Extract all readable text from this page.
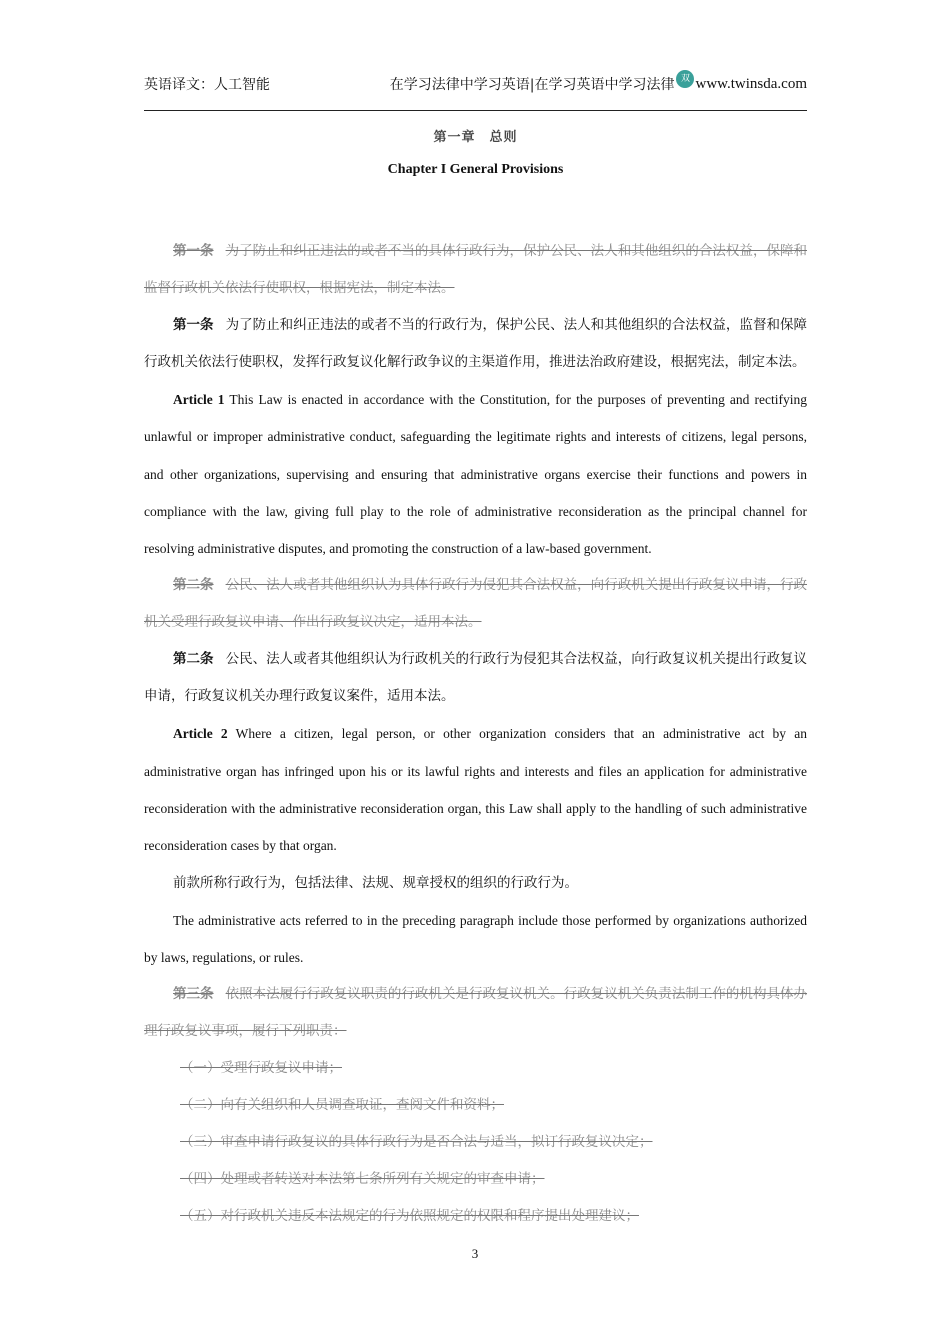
英语译文：人工智能	在学习法律中学习英语|在学习英语中学习法律 双 www.twinsda.com
第一章　总则
Chapter I General Provisions

第一条 为了防止和纠正违法的或者不当的具体行政行为，保护公民、法人和其他组织的合法权益，保障和监督行政机关依法行使职权，根据宪法，制定本法。

第一条 为了防止和纠正违法的或者不当的行政行为，保护公民、法人和其他组织的合法权益，监督和保障行政机关依法行使职权，发挥行政复议化解行政争议的主渠道作用，推进法治政府建设，根据宪法，制定本法。

Article 1 This Law is enacted in accordance with the Constitution, for the purposes of preventing and rectifying unlawful or improper administrative conduct, safeguarding the legitimate rights and interests of citizens, legal persons, and other organizations, supervising and ensuring that administrative organs exercise their functions and powers in compliance with the law, giving full play to the role of administrative reconsideration as the principal channel for resolving administrative disputes, and promoting the construction of a law-based government.

第二条 公民、法人或者其他组织认为具体行政行为侵犯其合法权益，向行政机关提出行政复议申请，行政机关受理行政复议申请、作出行政复议决定，适用本法。

第二条 公民、法人或者其他组织认为行政机关的行政行为侵犯其合法权益，向行政复议机关提出行政复议申请，行政复议机关办理行政复议案件，适用本法。

Article 2 Where a citizen, legal person, or other organization considers that an administrative act by an administrative organ has infringed upon his or its lawful rights and interests and files an application for administrative reconsideration with the administrative reconsideration organ, this Law shall apply to the handling of such administrative reconsideration cases by that organ.

前款所称行政行为，包括法律、法规、规章授权的组织的行政行为。

The administrative acts referred to in the preceding paragraph include those performed by organizations authorized by laws, regulations, or rules.

第三条 依照本法履行行政复议职责的行政机关是行政复议机关。行政复议机关负责法制工作的机构具体办理行政复议事项，履行下列职责：

（一）受理行政复议申请；

（二）向有关组织和人员调查取证，查阅文件和资料；

（三）审查申请行政复议的具体行政行为是否合法与适当，拟订行政复议决定；

（四）处理或者转送对本法第七条所列有关规定的审查申请；

（五）对行政机关违反本法规定的行为依照规定的权限和程序提出处理建议；

3
